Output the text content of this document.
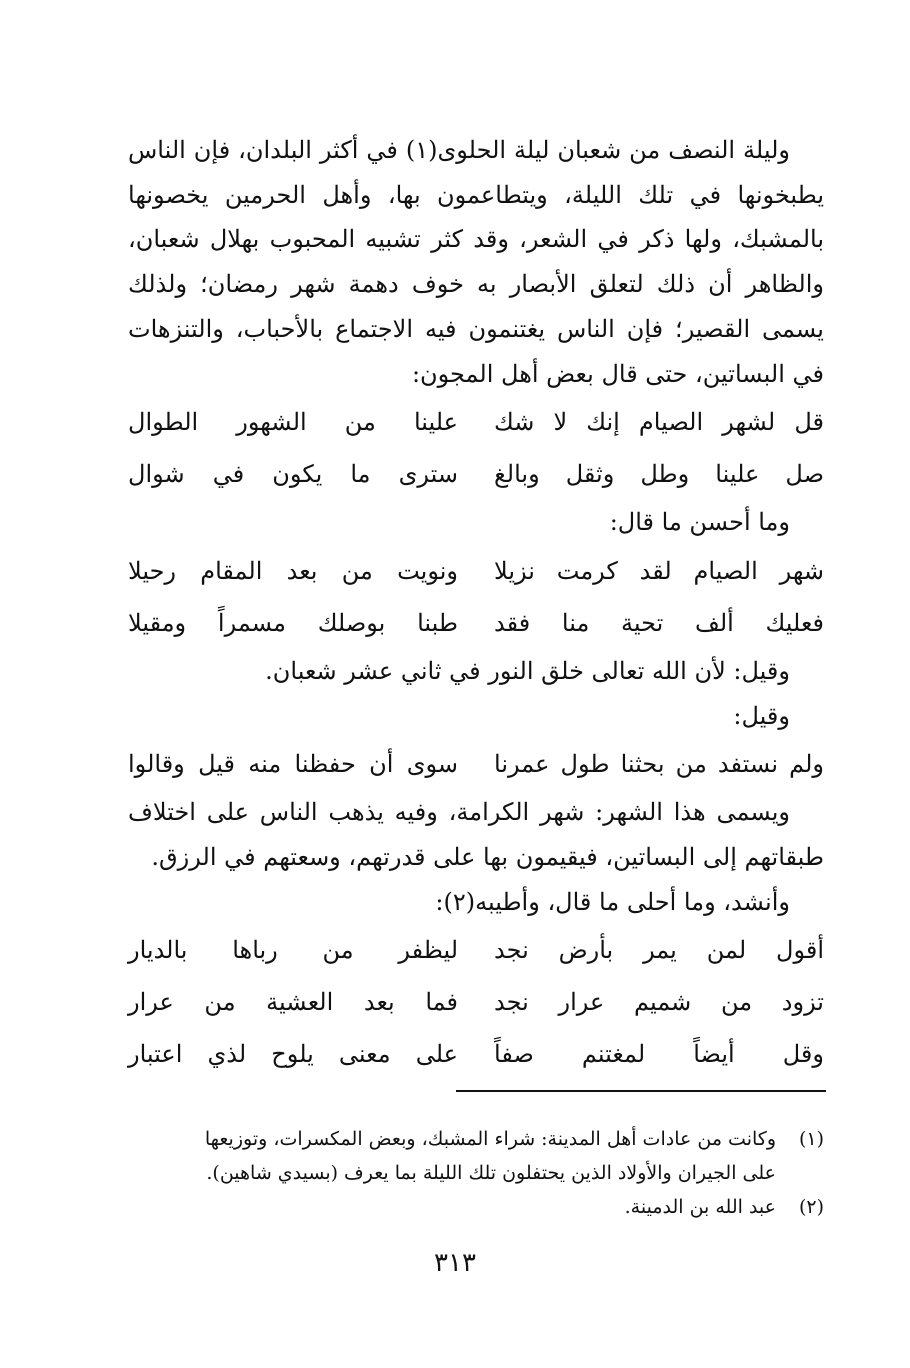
وليلة النصف من شعبان ليلة الحلوى(١) في أكثر البلدان، فإن الناس يطبخونها في تلك الليلة، ويتطاعمون بها، وأهل الحرمين يخصونها بالمشبك، ولها ذكر في الشعر، وقد كثر تشبيه المحبوب بهلال شعبان، والظاهر أن ذلك لتعلق الأبصار به خوف دهمة شهر رمضان؛ ولذلك يسمى القصير؛ فإن الناس يغتنمون فيه الاجتماع بالأحباب، والتنزهات في البساتين، حتى قال بعض أهل المجون:

قل لشهر الصيام إنك لا شك
علينا من الشهور الطوال
صل علينا وطل وثقل وبالغ
سترى ما يكون في شوال

وما أحسن ما قال:

شهر الصيام لقد كرمت نزيلا
ونويت من بعد المقام رحيلا
فعليك ألف تحية منا فقد
طبنا بوصلك مسمراً ومقيلا

وقيل: لأن الله تعالى خلق النور في ثاني عشر شعبان.

وقيل:

ولم نستفد من بحثنا طول عمرنا
سوى أن حفظنا منه قيل وقالوا

ويسمى هذا الشهر: شهر الكرامة، وفيه يذهب الناس على اختلاف طبقاتهم إلى البساتين، فيقيمون بها على قدرتهم، وسعتهم في الرزق.

وأنشد، وما أحلى ما قال، وأطيبه(٢):

أقول لمن يمر بأرض نجد
ليظفر من رباها بالديار
تزود من شميم عرار نجد
فما بعد العشية من عرار
وقل أيضاً لمغتنم صفاً
على معنى يلوح لذي اعتبار
(١)
وكانت من عادات أهل المدينة: شراء المشبك، وبعض المكسرات، وتوزيعها
على الجيران والأولاد الذين يحتفلون تلك الليلة بما يعرف (بسيدي شاهين).
(٢)
عبد الله بن الدمينة.
٣١٣
